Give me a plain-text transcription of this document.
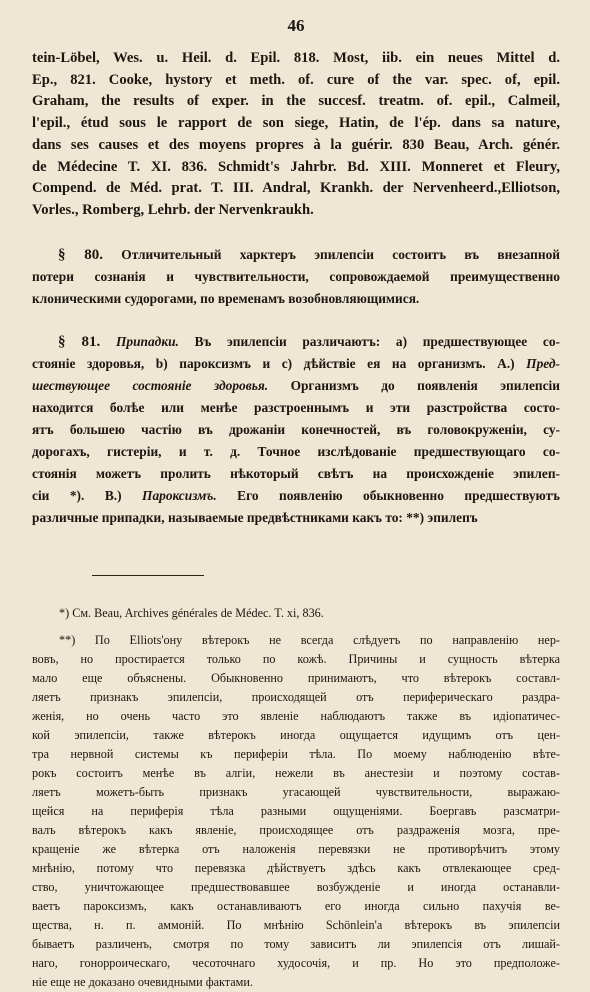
46

tein-Löbel, Wes. u. Heil. d. Epil. 818. Most, iib. ein neues Mittel d.

Ep., 821. Cooke, hystory et meth. of. cure of the var. spec. of, epil.

Graham, the results of exper. in the succesf. treatm. of. epil., Calmeil,

l'epil., étud sous le rapport de son siege, Hatin, de l'ép. dans sa nature,

dans ses causes et des moyens propres à la guérir. 830 Beau, Arch. génér.

de Médecine T. XI. 836. Schmidt's Jahrbr. Bd. XIII. Monneret et Fleury,

Compend. de Méd. prat. T. III. Andral, Krankh. der Nervenheerd.,Elliotson,

Vorles., Romberg, Lehrb. der Nervenkraukh.

§ 80. Отличительный харктеръ эпилепсіи состоитъ въ внезапной

потери сознанія и чувствительности, сопровождаемой преимущественно

клоническими судорогами, по временамъ возобновляющимися.

§ 81. Припадки. Въ эпилепсіи различаютъ: а) предшествующее со-

стояніе здоровья, b) пароксизмъ и с) дѣйствіе ея на организмъ. А.) Пред-

шествующее состояніе здоровья. Организмъ до появленія эпилепсіи

находится болѣе или менѣе разстроеннымъ и эти разстройства состо-

ятъ большею частію въ дрожаніи конечностей, въ головокруженіи, су-

дорогахъ, гистеріи, и т. д. Точное изслѣдованіе предшествующаго со-

стоянія можетъ пролить нѣкоторый свѣтъ на происхожденіе эпилеп-

сіи *). В.) Пароксизмъ. Его появленію обыкновенно предшествуютъ

различные припадки, называемые предвѣстниками какъ то: **) эпилепъ

*) См. Beau, Archives générales de Médec. T. xi, 836.

**) По Elliots'ону вѣтерокъ не всегда слѣдуетъ по направленію нер-

вовъ, но простирается только по кожѣ. Причины и сущность вѣтерка

мало еще объяснены. Обыкновенно принимаютъ, что вѣтерокъ составл-

ляетъ признакъ эпилепсіи, происходящей отъ периферическаго раздра-

женія, но очень часто это явленіе наблюдаютъ также въ идіопатичес-

кой эпилепсіи, также вѣтерокъ иногда ощущается идущимъ отъ цен-

тра нервной системы къ периферіи тѣла. По моему наблюденію вѣте-

рокъ состоитъ менѣе въ алгіи, нежели въ анестезіи и поэтому состав-

ляетъ можетъ-быть признакъ угасающей чувствительности, выражаю-

щейся на периферія тѣла разными ощущеніями. Боергавъ разсматри-

валъ вѣтерокъ какъ явленіе, происходящее отъ раздраженія мозга, пре-

кращеніе же вѣтерка отъ наложенія перевязки не противорѣчитъ этому

мнѣнію, потому что перевязка дѣйствуетъ здѣсь какъ отвлекающее сред-

ство, уничтожающее предшествовавшее возбужденіе и иногда останавли-

ваетъ пароксизмъ, какъ останавливаютъ его иногда сильно пахучія ве-

щества, н. п. аммоній. По мнѣнію Schönlein'а вѣтерокъ въ эпилепсіи

бываетъ различенъ, смотря по тому зависитъ ли эпилепсія отъ лишай-

наго, гонорроическаго, чесоточнаго худосочія, и пр. Но это предположе-

ніе еще не доказано очевидными фактами.
